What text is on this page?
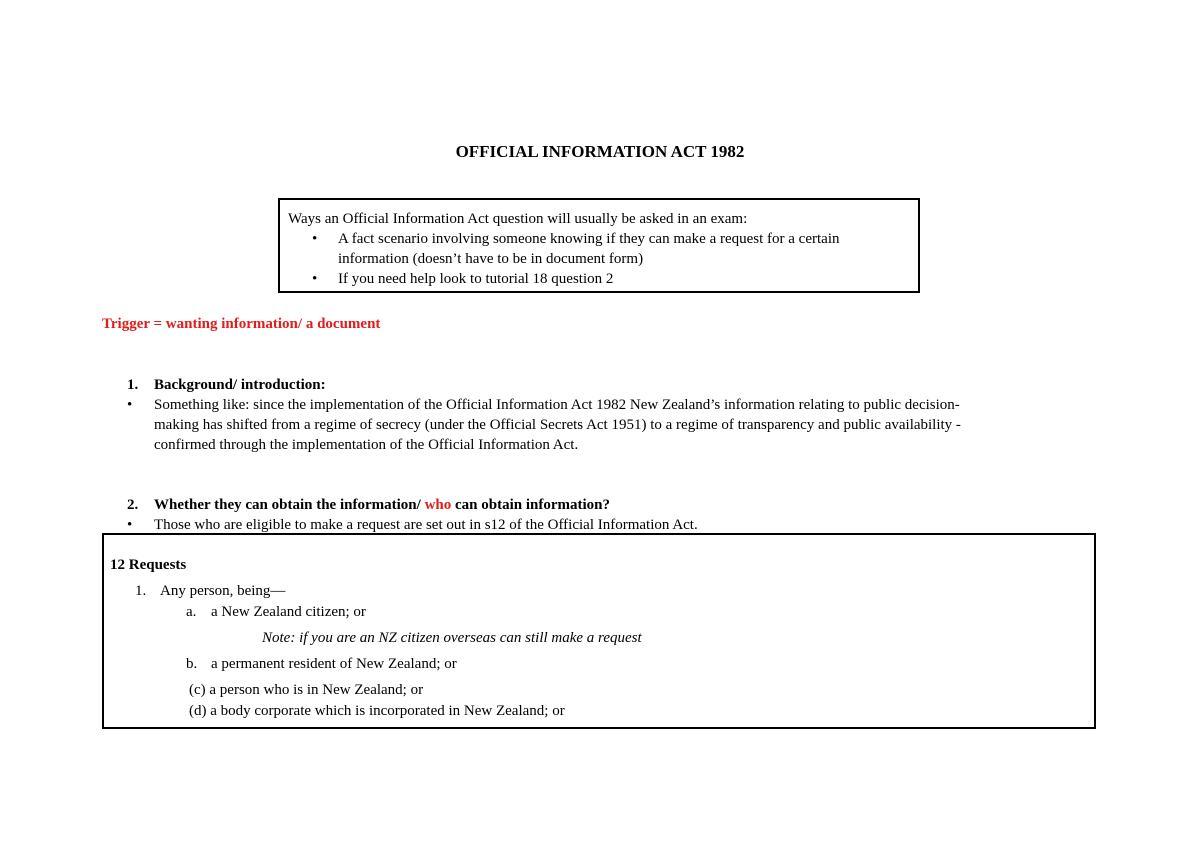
OFFICIAL INFORMATION ACT 1982
Ways an Official Information Act question will usually be asked in an exam:
• A fact scenario involving someone knowing if they can make a request for a certain
information (doesn’t have to be in document form)
• If you need help look to tutorial 18 question 2
Trigger = wanting information/ a document
1. Background/ introduction:
• Something like: since the implementation of the Official Information Act 1982 New Zealand’s information relating to public decision-
making has shifted from a regime of secrecy (under the Official Secrets Act 1951) to a regime of transparency and public availability -
confirmed through the implementation of the Official Information Act.
2. Whether they can obtain the information/ who can obtain information?
• Those who are eligible to make a request are set out in s12 of the Official Information Act.
12 Requests
1. Any person, being—
a. a New Zealand citizen; or
Note: if you are an NZ citizen overseas can still make a request
b. a permanent resident of New Zealand; or
(c) a person who is in New Zealand; or
(d) a body corporate which is incorporated in New Zealand; or
